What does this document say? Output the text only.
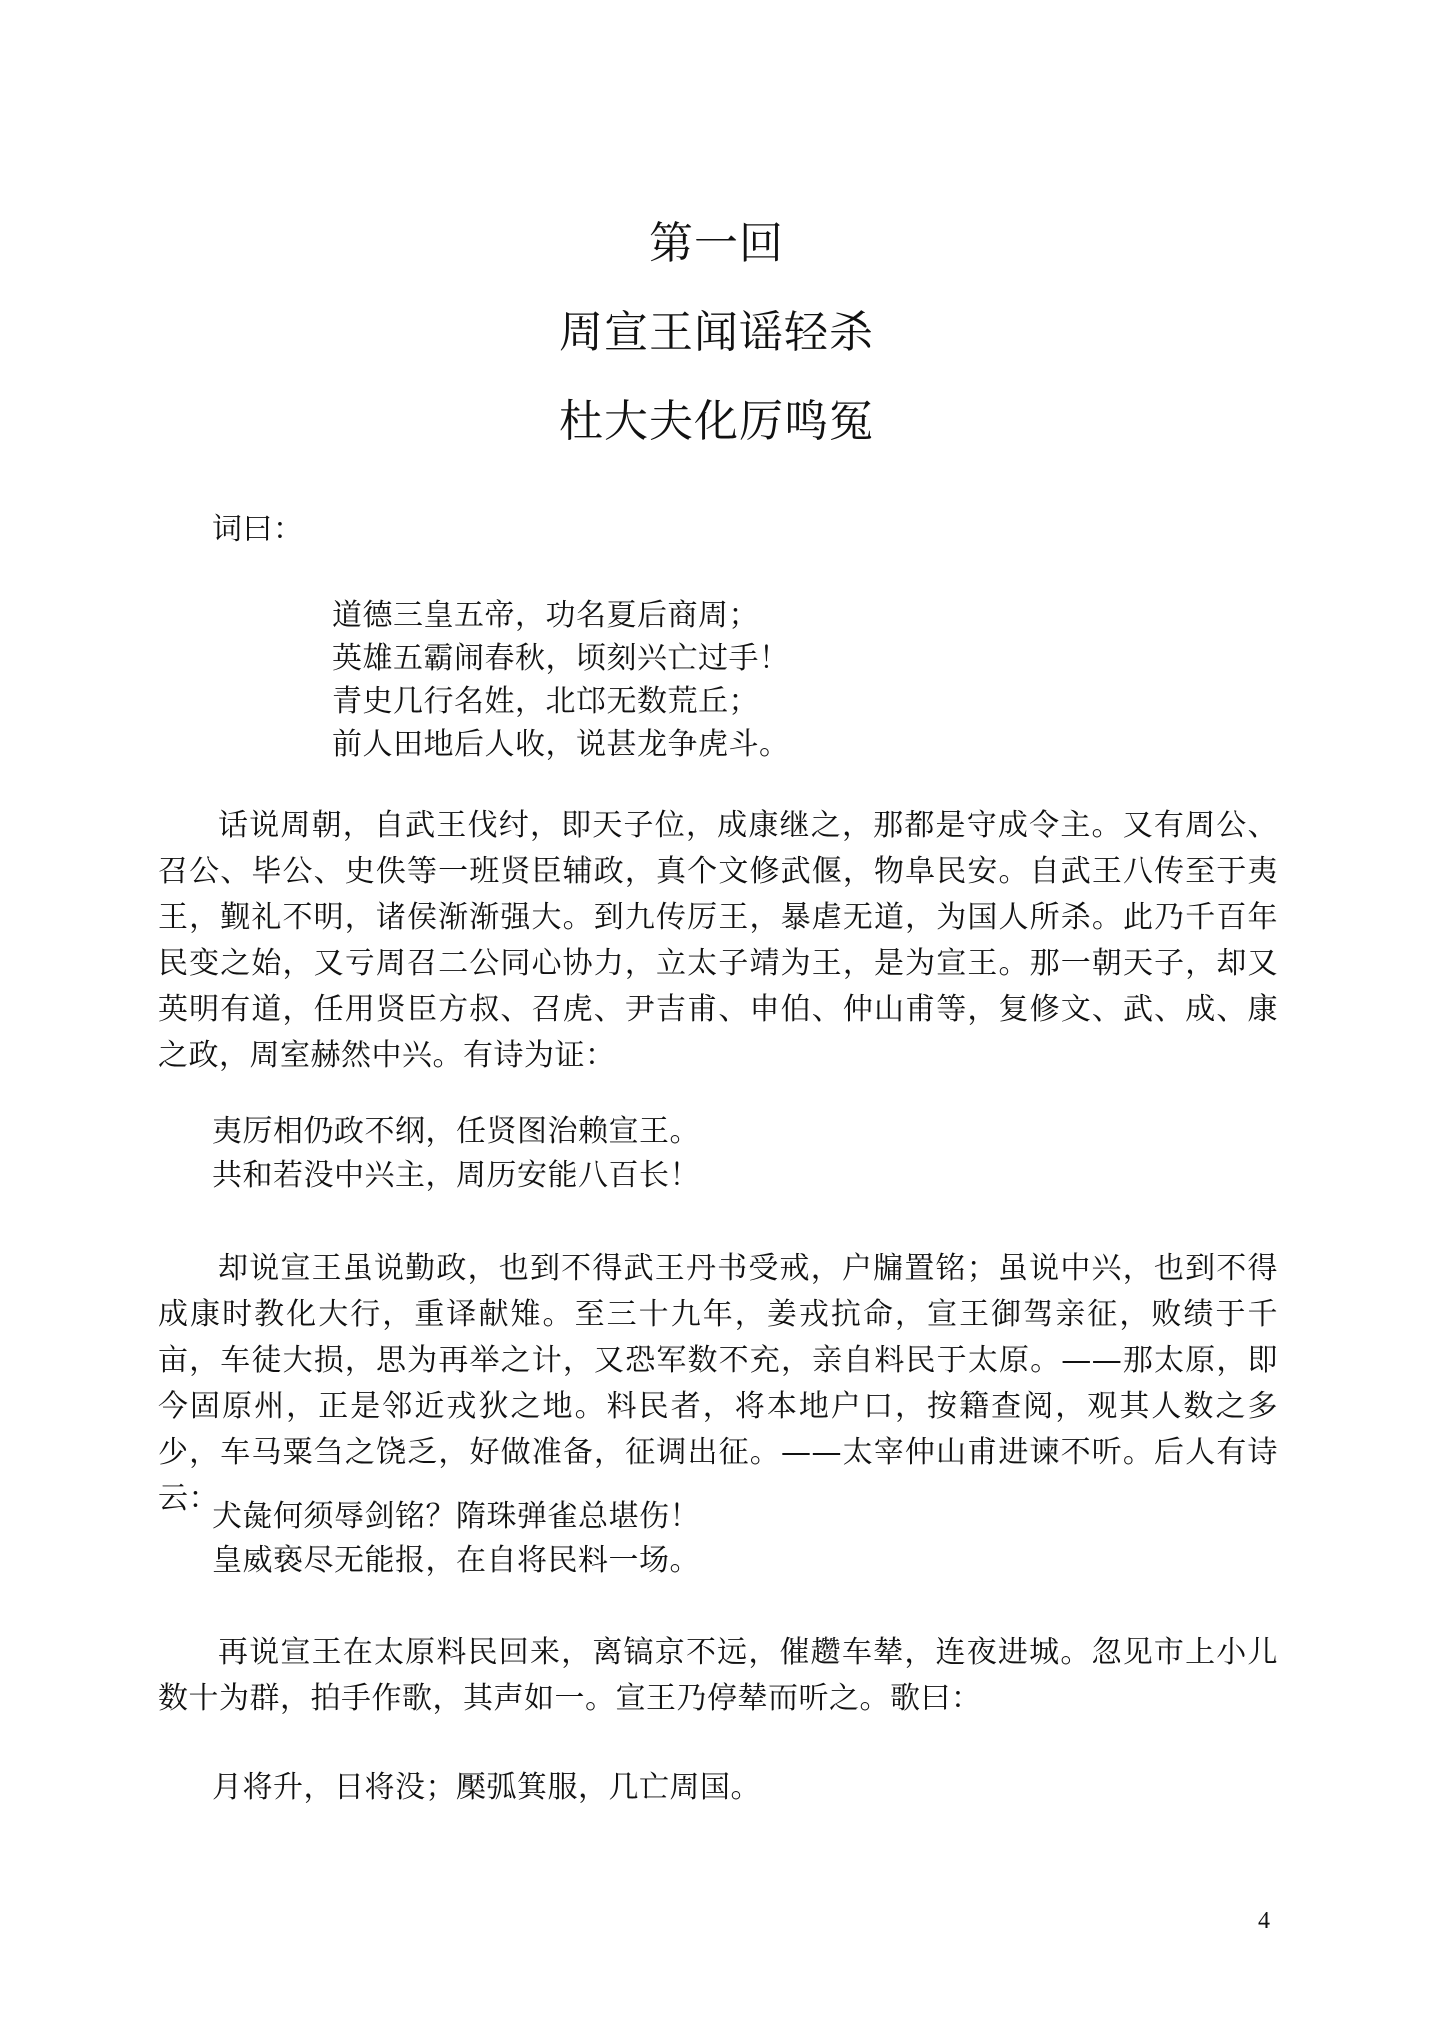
第一回
周宣王闻谣轻杀
杜大夫化厉鸣冤
词曰：
道德三皇五帝，功名夏后商周；
英雄五霸闹春秋，顷刻兴亡过手！
青史几行名姓，北邙无数荒丘；
前人田地后人收，说甚龙争虎斗。
话说周朝，自武王伐纣，即天子位，成康继之，那都是守成令主。又有周公、召公、毕公、史佚等一班贤臣辅政，真个文修武偃，物阜民安。自武王八传至于夷王，觐礼不明，诸侯渐渐强大。到九传厉王，暴虐无道，为国人所杀。此乃千百年民变之始，又亏周召二公同心协力，立太子靖为王，是为宣王。那一朝天子，却又英明有道，任用贤臣方叔、召虎、尹吉甫、申伯、仲山甫等，复修文、武、成、康之政，周室赫然中兴。有诗为证：
夷厉相仍政不纲，任贤图治赖宣王。
共和若没中兴主，周历安能八百长！
却说宣王虽说勤政，也到不得武王丹书受戒，户牖置铭；虽说中兴，也到不得成康时教化大行，重译献雉。至三十九年，姜戎抗命，宣王御驾亲征，败绩于千亩，车徒大损，思为再举之计，又恐军数不充，亲自料民于太原。——那太原，即今固原州，正是邻近戎狄之地。料民者，将本地户口，按籍查阅，观其人数之多少，车马粟刍之饶乏，好做准备，征调出征。——太宰仲山甫进谏不听。后人有诗云：
犬彘何须辱剑铭？隋珠弹雀总堪伤！
皇威亵尽无能报，在自将民料一场。
再说宣王在太原料民回来，离镐京不远，催趱车辇，连夜进城。忽见市上小儿数十为群，拍手作歌，其声如一。宣王乃停辇而听之。歌曰：
月将升，日将没；檿弧箕服，几亡周国。
4
